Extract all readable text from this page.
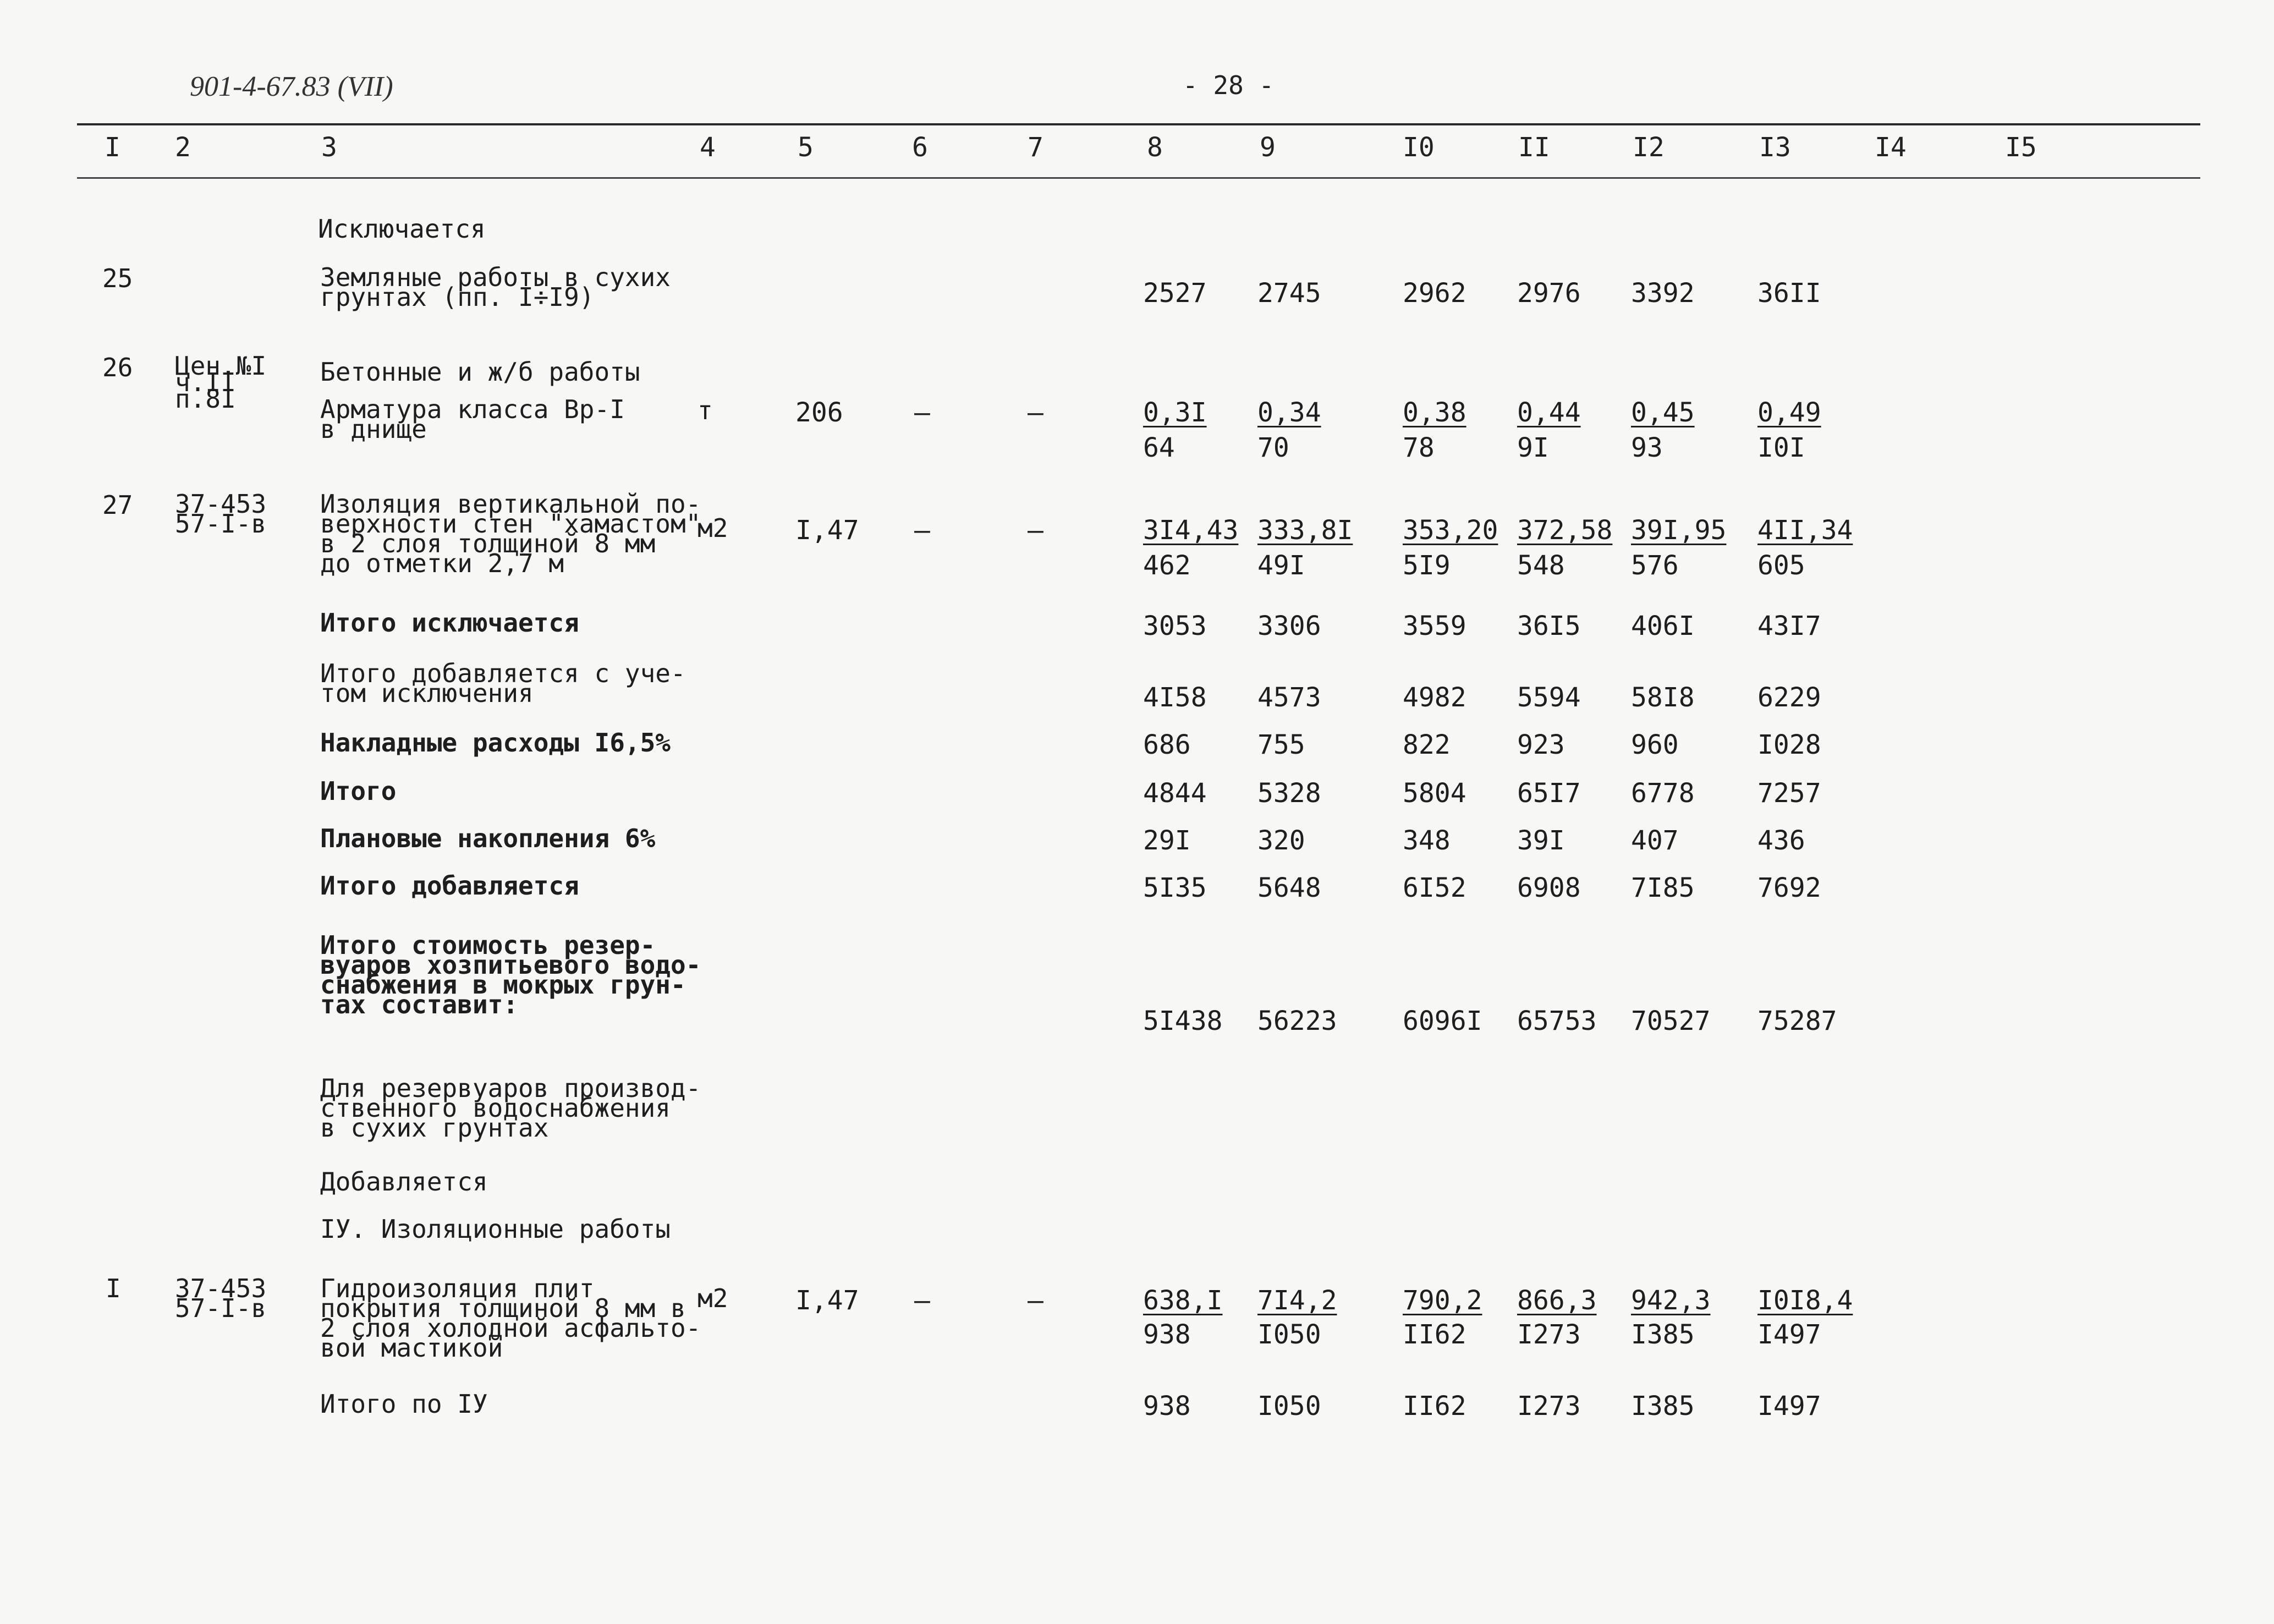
901-4-67.83 (VII)	- 28 -
I 2	3	4	5	6	7	8	9	I0	II	I2	I3	I4	I5
Исключается
25	Земляные работы в сухих
грунтах (пп. I÷I9)	2527 2745	2962 2976 3392 36II
26 Цен.№I
ч.II
п.8I
Бетонные и ж/б работы
Арматура класса Вр-I
в днище
т	206	–	–	0,3I 0,34	0,38 0,44 0,45 0,49
64	70	78	9I	93	I0I
27 37-453
57-I-в
Изоляция вертикальной по-
верхности стен "хамастом"
в 2 слоя толщиной 8 мм
до отметки 2,7 м
м2	I,47 –	–	3I4,43 333,8I 353,20 372,58 39I,95 4II,34
462	49I	5I9	548	576	605
Итого исключается	3053 3306	3559 36I5 406I 43I7
Итого добавляется с уче-
том исключения	4I58 4573	4982 5594 58I8 6229
Накладные расходы I6,5%	686	755	822	923	960	I028
Итого	4844 5328	5804 65I7 6778 7257
Плановые накопления 6%	29I	320	348	39I	407	436
Итого добавляется	5I35 5648	6I52 6908 7I85 7692
Итого стоимость резер-
вуаров хозпитьевого водо-
снабжения в мокрых грун-
тах составит:
5I438 56223 6096I 65753 70527 75287
Для резервуаров производ-
ственного водоснабжения
в сухих грунтах
Добавляется
IУ. Изоляционные работы
I 37-453
57-I-в
Гидроизоляция плит
покрытия толщиной 8 мм в
2 слоя холодной асфальто-
вой мастикой
м2	I,47 –	–	638,I 7I4,2 790,2 866,3 942,3 I0I8,4
938	I050	II62 I273 I385 I497
Итого по IУ	938	I050	II62 I273 I385 I497
